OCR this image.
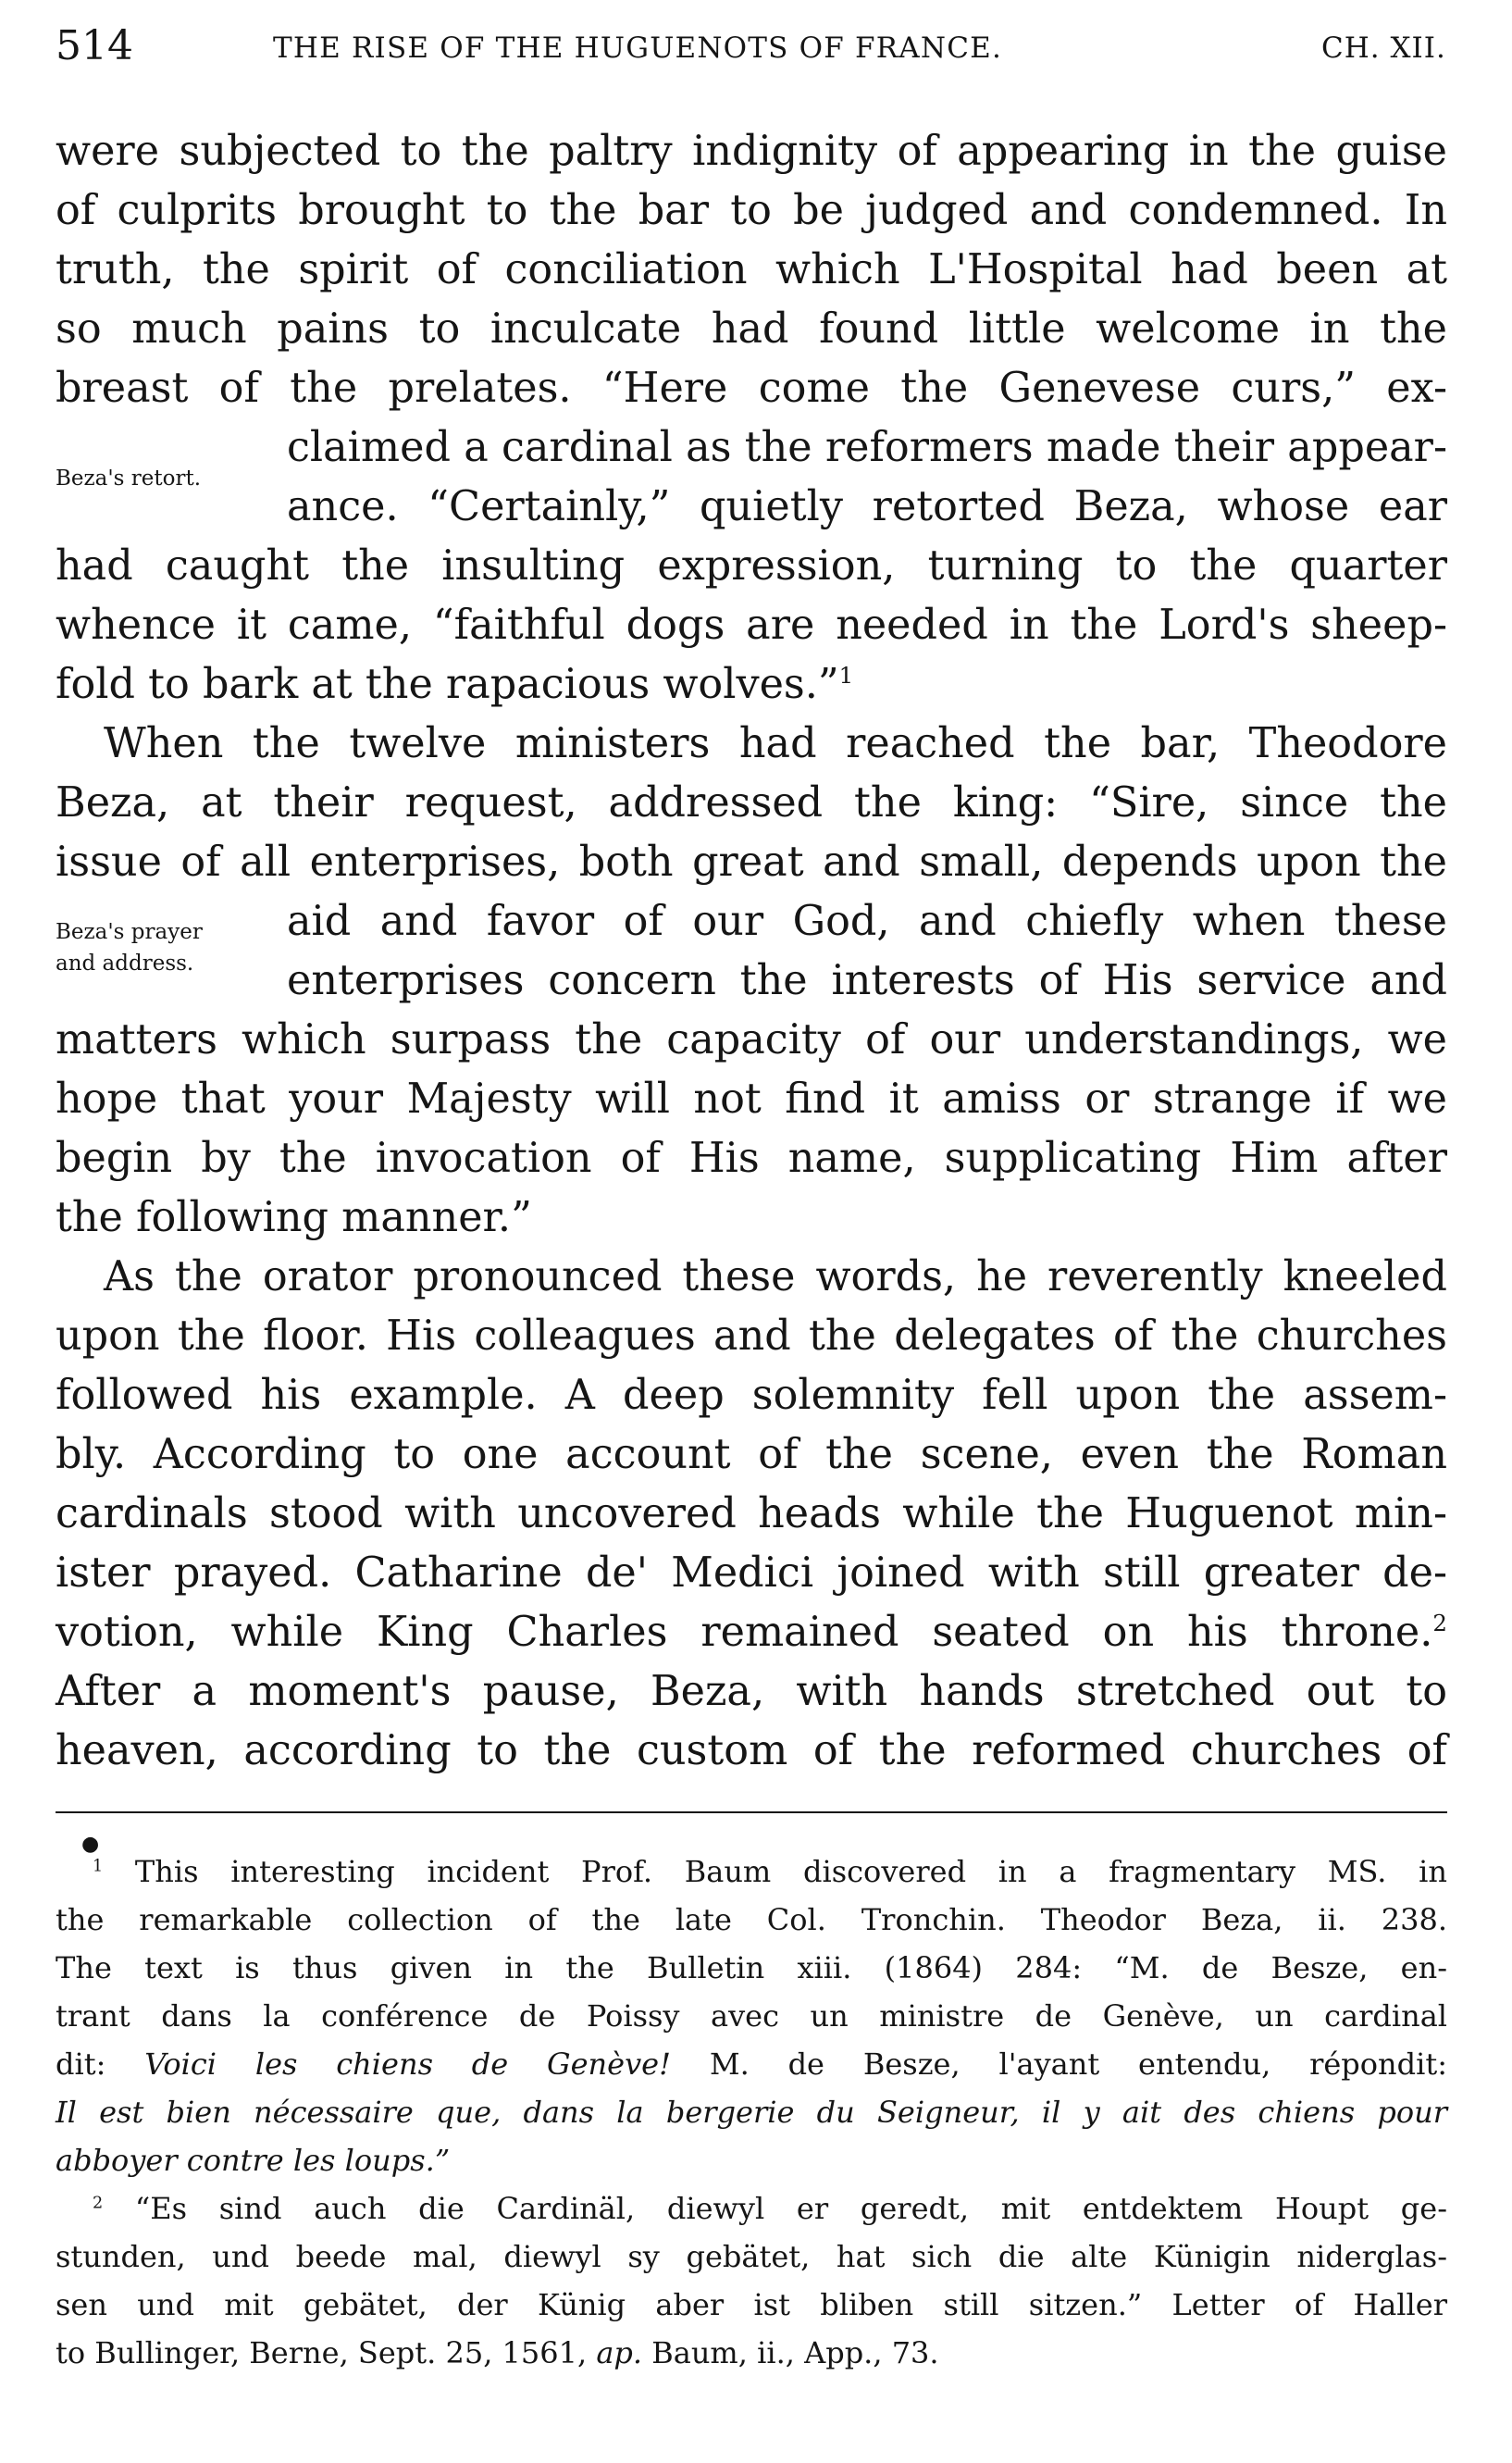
514	THE RISE OF THE HUGUENOTS OF FRANCE.	CH. XII.

Beza's retort.

Beza's prayer

and address.

were subjected to the paltry indignity of appearing in the guise

of culprits brought to the bar to be judged and condemned. In

truth, the spirit of conciliation which L'Hospital had been at

so much pains to inculcate had found little welcome in the

breast of the prelates. “Here come the Genevese curs,” ex-

claimed a cardinal as the reformers made their appear-

ance. “Certainly,” quietly retorted Beza, whose ear

had caught the insulting expression, turning to the quarter

whence it came, “faithful dogs are needed in the Lord's sheep-

fold to bark at the rapacious wolves.”$^1$

When the twelve ministers had reached the bar, Theodore

Beza, at their request, addressed the king: “Sire, since the

issue of all enterprises, both great and small, depends upon the

aid and favor of our God, and chiefly when these

enterprises concern the interests of His service and

matters which surpass the capacity of our understandings, we

hope that your Majesty will not find it amiss or strange if we

begin by the invocation of His name, supplicating Him after

the following manner.”

As the orator pronounced these words, he reverently kneeled

upon the floor. His colleagues and the delegates of the churches

followed his example. A deep solemnity fell upon the assem-

bly. According to one account of the scene, even the Roman

cardinals stood with uncovered heads while the Huguenot min-

ister prayed. Catharine de' Medici joined with still greater de-

votion, while King Charles remained seated on his throne.$^2$

After a moment's pause, Beza, with hands stretched out to

heaven, according to the custom of the reformed churches of

●

$^1$ This interesting incident Prof. Baum discovered in a fragmentary MS. in

the remarkable collection of the late Col. Tronchin. Theodor Beza, ii. 238.

The text is thus given in the Bulletin xiii. (1864) 284: “M. de Besze, en-

trant dans la conférence de Poissy avec un ministre de Genève, un cardinal

dit: Voici les chiens de Genève! M. de Besze, l'ayant entendu, répondit:

Il est bien nécessaire que, dans la bergerie du Seigneur, il y ait des chiens pour

abboyer contre les loups.”

$^2$ “Es sind auch die Cardinäl, diewyl er geredt, mit entdektem Houpt ge-

stunden, und beede mal, diewyl sy gebätet, hat sich die alte Künigin niderglas-

sen und mit gebätet, der Künig aber ist bliben still sitzen.” Letter of Haller

to Bullinger, Berne, Sept. 25, 1561, ap. Baum, ii., App., 73.
